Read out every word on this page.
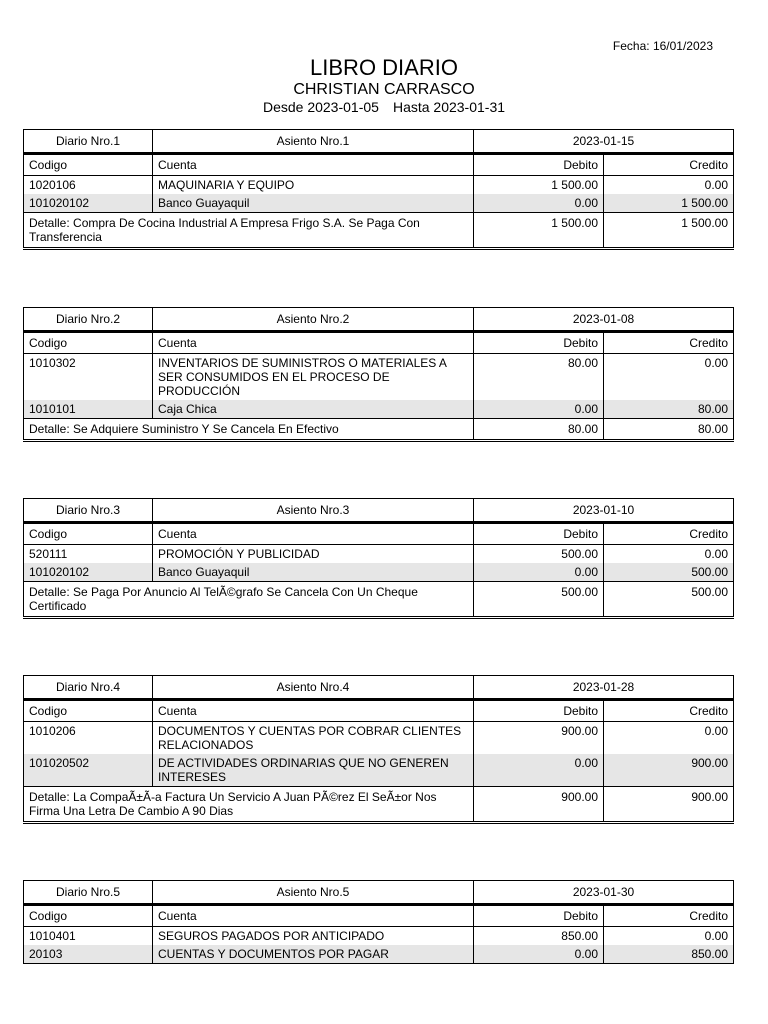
Fecha: 16/01/2023
LIBRO DIARIO
CHRISTIAN CARRASCO
Desde 2023-01-05 Hasta 2023-01-31
Diario Nro.1	Asiento Nro.1	2023-01-15	
Codigo	Cuenta	Debito	Credito
1020106	MAQUINARIA Y EQUIPO	1 500.00	0.00
101020102	Banco Guayaquil	0.00	1 500.00
Detalle: Compra De Cocina Industrial A Empresa Frigo S.A. Se Paga Con Transferencia		1 500.00	1 500.00
Diario Nro.2	Asiento Nro.2	2023-01-08	
Codigo	Cuenta	Debito	Credito
1010302	INVENTARIOS DE SUMINISTROS O MATERIALES A SER CONSUMIDOS EN EL PROCESO DE PRODUCCIÓN	80.00	0.00
1010101	Caja Chica	0.00	80.00
Detalle: Se Adquiere Suministro Y Se Cancela En Efectivo		80.00	80.00
Diario Nro.3	Asiento Nro.3	2023-01-10	
Codigo	Cuenta	Debito	Credito
520111	PROMOCIÓN Y PUBLICIDAD	500.00	0.00
101020102	Banco Guayaquil	0.00	500.00
Detalle: Se Paga Por Anuncio Al TelÃ©grafo Se Cancela Con Un Cheque Certificado		500.00	500.00
Diario Nro.4	Asiento Nro.4	2023-01-28	
Codigo	Cuenta	Debito	Credito
1010206	DOCUMENTOS Y CUENTAS POR COBRAR CLIENTES RELACIONADOS	900.00	0.00
101020502	DE ACTIVIDADES ORDINARIAS QUE NO GENEREN INTERESES	0.00	900.00
Detalle: La CompaÃ±Ã-a Factura Un Servicio A Juan PÃ©rez El SeÃ±or Nos Firma Una Letra De Cambio A 90 Dias		900.00	900.00
Diario Nro.5	Asiento Nro.5	2023-01-30	
Codigo	Cuenta	Debito	Credito
1010401	SEGUROS PAGADOS POR ANTICIPADO	850.00	0.00
20103	CUENTAS Y DOCUMENTOS POR PAGAR	0.00	850.00
